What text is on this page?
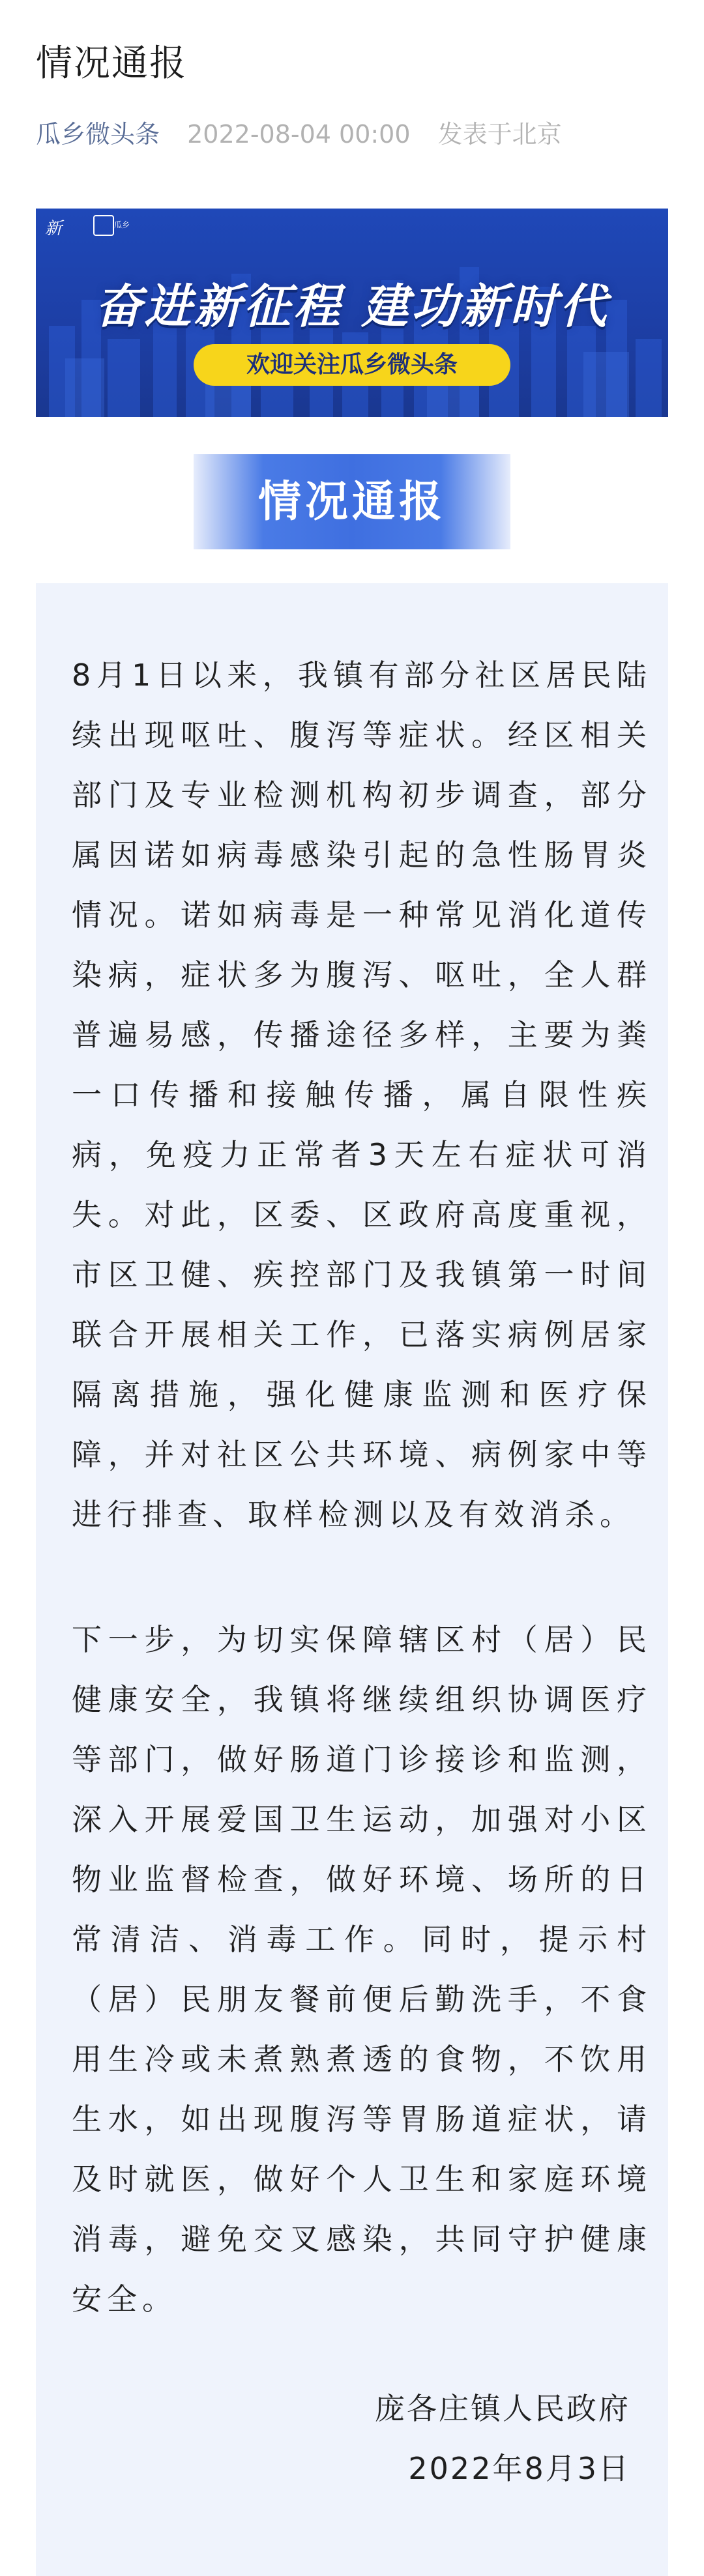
情况通报
瓜乡微头条 2022-08-04 00:00 发表于北京
新	瓜乡
奋进新征程 建功新时代
欢迎关注瓜乡微头条
情况通报

8月1日以来，我镇有部分社区居民陆续出现呕吐、腹泻等症状。经区相关部门及专业检测机构初步调查，部分属因诺如病毒感染引起的急性肠胃炎情况。诺如病毒是一种常见消化道传染病，症状多为腹泻、呕吐，全人群普遍易感，传播途径多样，主要为粪一口传播和接触传播，属自限性疾病，免疫力正常者3天左右症状可消失。对此，区委、区政府高度重视，市区卫健、疾控部门及我镇第一时间联合开展相关工作，已落实病例居家隔离措施，强化健康监测和医疗保障，并对社区公共环境、病例家中等进行排查、取样检测以及有效消杀。

下一步，为切实保障辖区村（居）民健康安全，我镇将继续组织协调医疗等部门，做好肠道门诊接诊和监测，深入开展爱国卫生运动，加强对小区物业监督检查，做好环境、场所的日常清洁、消毒工作。同时，提示村（居）民朋友餐前便后勤洗手，不食用生冷或未煮熟煮透的食物，不饮用生水，如出现腹泻等胃肠道症状，请及时就医，做好个人卫生和家庭环境消毒，避免交叉感染，共同守护健康安全。

庞各庄镇人民政府
2022年8月3日
